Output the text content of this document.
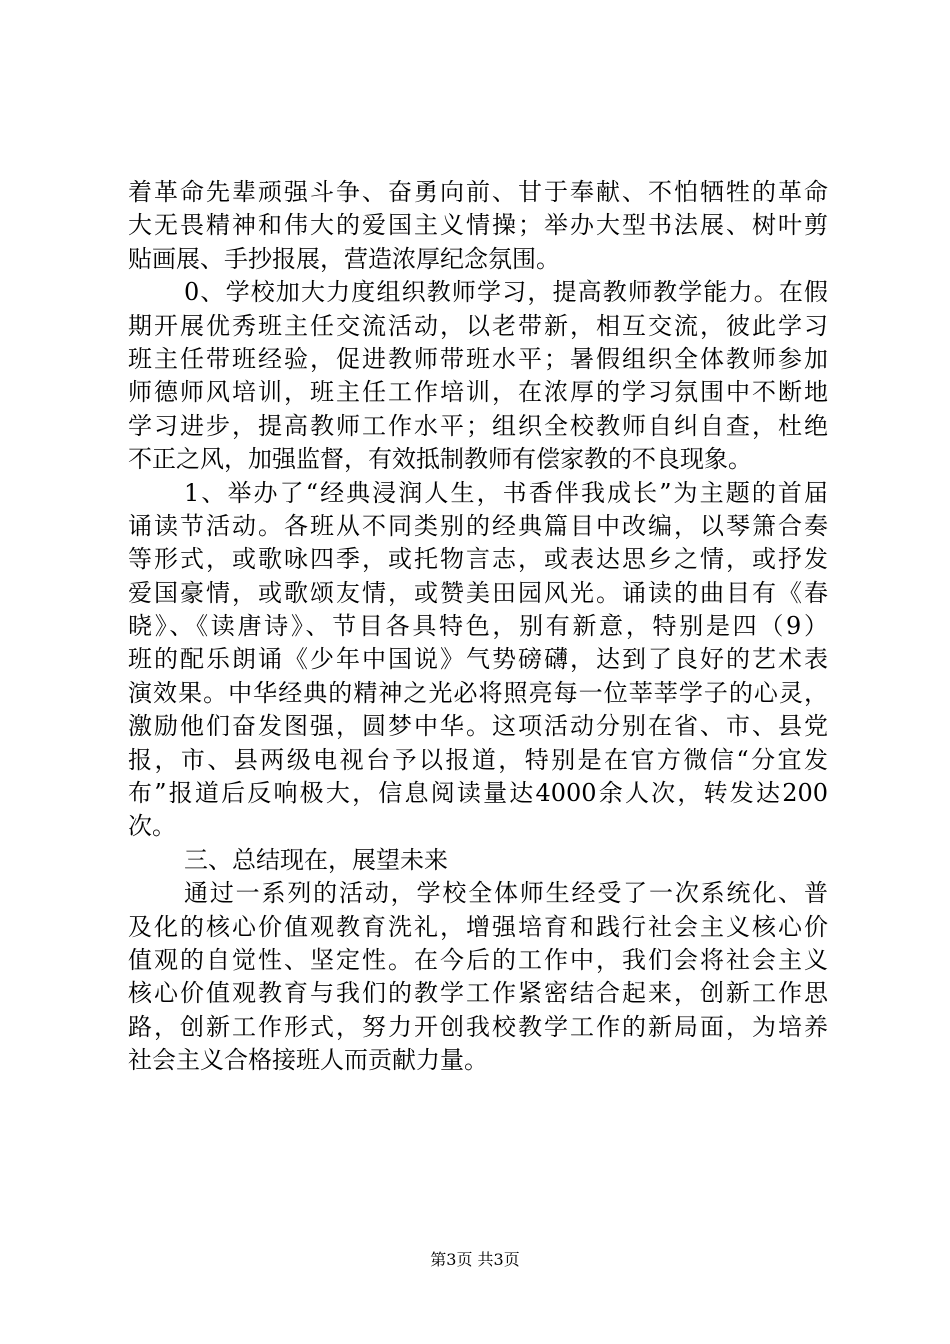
着革命先辈顽强斗争、奋勇向前、甘于奉献、不怕牺牲的革命
大无畏精神和伟大的爱国主义情操；举办大型书法展、树叶剪
贴画展、手抄报展，营造浓厚纪念氛围。
0、学校加大力度组织教师学习，提高教师教学能力。在假
期开展优秀班主任交流活动，以老带新，相互交流，彼此学习
班主任带班经验，促进教师带班水平；暑假组织全体教师参加
师德师风培训，班主任工作培训，在浓厚的学习氛围中不断地
学习进步，提高教师工作水平；组织全校教师自纠自查，杜绝
不正之风，加强监督，有效抵制教师有偿家教的不良现象。
1、举办了“经典浸润人生，书香伴我成长”为主题的首届
诵读节活动。各班从不同类别的经典篇目中改编，以琴箫合奏
等形式，或歌咏四季，或托物言志，或表达思乡之情，或抒发
爱国豪情，或歌颂友情，或赞美田园风光。诵读的曲目有《春
晓》、《读唐诗》、节目各具特色，别有新意，特别是四（9）
班的配乐朗诵《少年中国说》气势磅礴，达到了良好的艺术表
演效果。中华经典的精神之光必将照亮每一位莘莘学子的心灵，
激励他们奋发图强，圆梦中华。这项活动分别在省、市、县党
报，市、县两级电视台予以报道，特别是在官方微信“分宜发
布”报道后反响极大，信息阅读量达4000余人次，转发达200
次。
三、总结现在，展望未来
通过一系列的活动，学校全体师生经受了一次系统化、普
及化的核心价值观教育洗礼，增强培育和践行社会主义核心价
值观的自觉性、坚定性。在今后的工作中，我们会将社会主义
核心价值观教育与我们的教学工作紧密结合起来，创新工作思
路，创新工作形式，努力开创我校教学工作的新局面，为培养
社会主义合格接班人而贡献力量。
第3页 共3页
